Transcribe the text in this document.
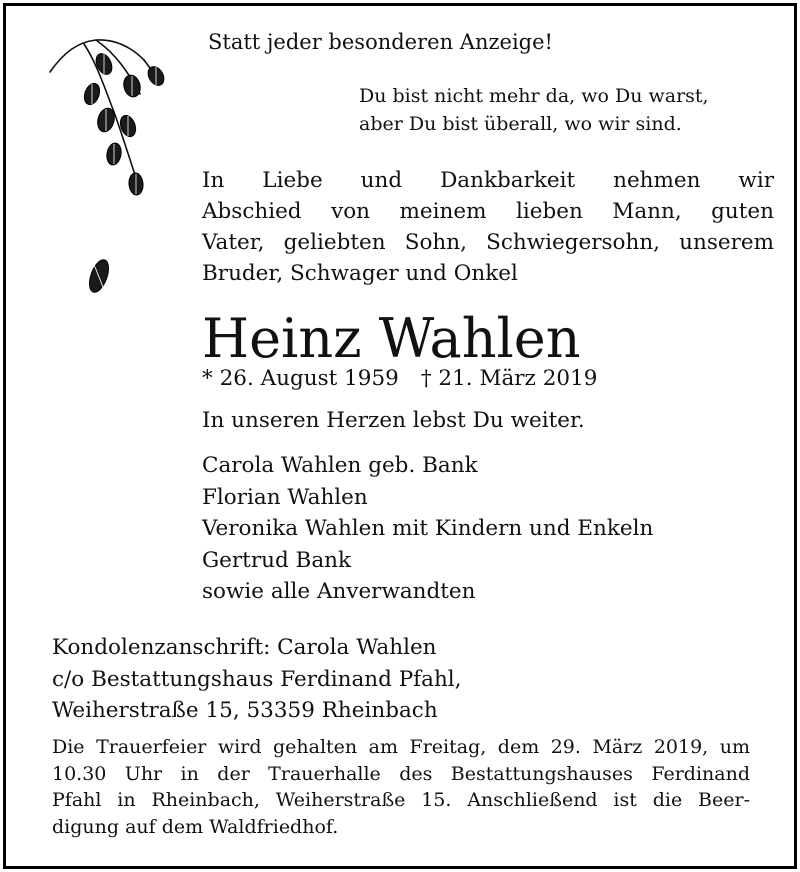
Statt jeder besonderen Anzeige!
Du bist nicht mehr da, wo Du warst,
aber Du bist überall, wo wir sind.
In Liebe und Dankbarkeit nehmen wir
Abschied von meinem lieben Mann, guten
Vater, geliebten Sohn, Schwiegersohn, unserem
Bruder, Schwager und Onkel
Heinz Wahlen
* 26. August 1959 † 21. März 2019
In unseren Herzen lebst Du weiter.
Carola Wahlen geb. Bank
Florian Wahlen
Veronika Wahlen mit Kindern und Enkeln
Gertrud Bank
sowie alle Anverwandten
Kondolenzanschrift: Carola Wahlen
c/o Bestattungshaus Ferdinand Pfahl,
Weiherstraße 15, 53359 Rheinbach
Die Trauerfeier wird gehalten am Freitag, dem 29. März 2019, um
10.30 Uhr in der Trauerhalle des Bestattungshauses Ferdinand
Pfahl in Rheinbach, Weiherstraße 15. Anschließend ist die Beer-
digung auf dem Waldfriedhof.
